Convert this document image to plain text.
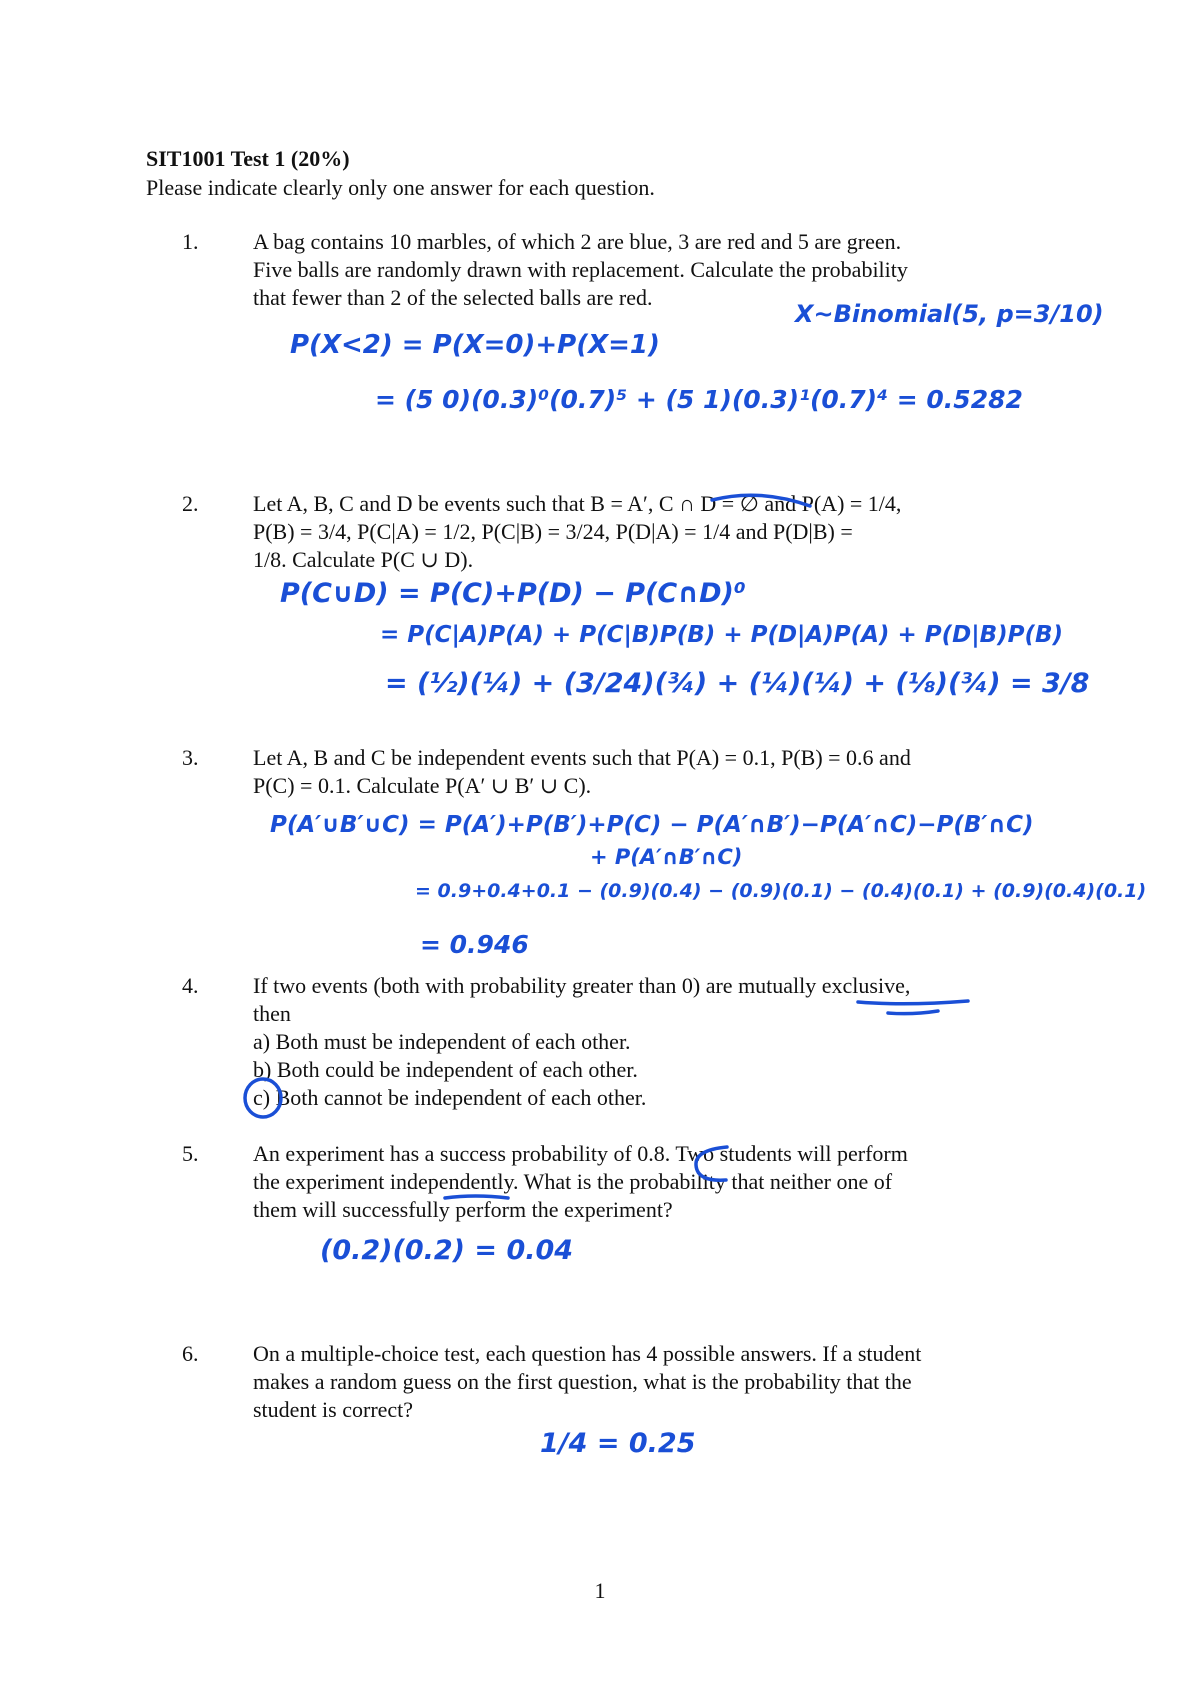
SIT1001 Test 1 (20%)
Please indicate clearly only one answer for each question.
1. A bag contains 10 marbles, of which 2 are blue, 3 are red and 5 are green.
Five balls are randomly drawn with replacement. Calculate the probability
that fewer than 2 of the selected balls are red.
X~Binomial(5, p=3/10)
P(X<2) = P(X=0)+P(X=1)
= (5 0)(0.3)⁰(0.7)⁵ + (5 1)(0.3)¹(0.7)⁴ = 0.5282
2. Let A, B, C and D be events such that B = A′, C ∩ D = ∅ and P(A) = 1/4,
P(B) = 3/4, P(C|A) = 1/2, P(C|B) = 3/24, P(D|A) = 1/4 and P(D|B) =
1/8. Calculate P(C ∪ D).
P(C∪D) = P(C)+P(D) − P(C∩D)⁰
= P(C|A)P(A) + P(C|B)P(B) + P(D|A)P(A) + P(D|B)P(B)
= (½)(¼) + (3/24)(¾) + (¼)(¼) + (⅛)(¾) = 3/8
3. Let A, B and C be independent events such that P(A) = 0.1, P(B) = 0.6 and
P(C) = 0.1. Calculate P(A′ ∪ B′ ∪ C).
P(A′∪B′∪C) = P(A′)+P(B′)+P(C) − P(A′∩B′)−P(A′∩C)−P(B′∩C)
+ P(A′∩B′∩C)
= 0.9+0.4+0.1 − (0.9)(0.4) − (0.9)(0.1) − (0.4)(0.1) + (0.9)(0.4)(0.1)
= 0.946
4. If two events (both with probability greater than 0) are mutually exclusive,
then
a) Both must be independent of each other.
b) Both could be independent of each other.
c) Both cannot be independent of each other.
5. An experiment has a success probability of 0.8. Two students will perform
the experiment independently. What is the probability that neither one of
them will successfully perform the experiment?
(0.2)(0.2) = 0.04
6. On a multiple-choice test, each question has 4 possible answers. If a student
makes a random guess on the first question, what is the probability that the
student is correct?
1/4 = 0.25
1
